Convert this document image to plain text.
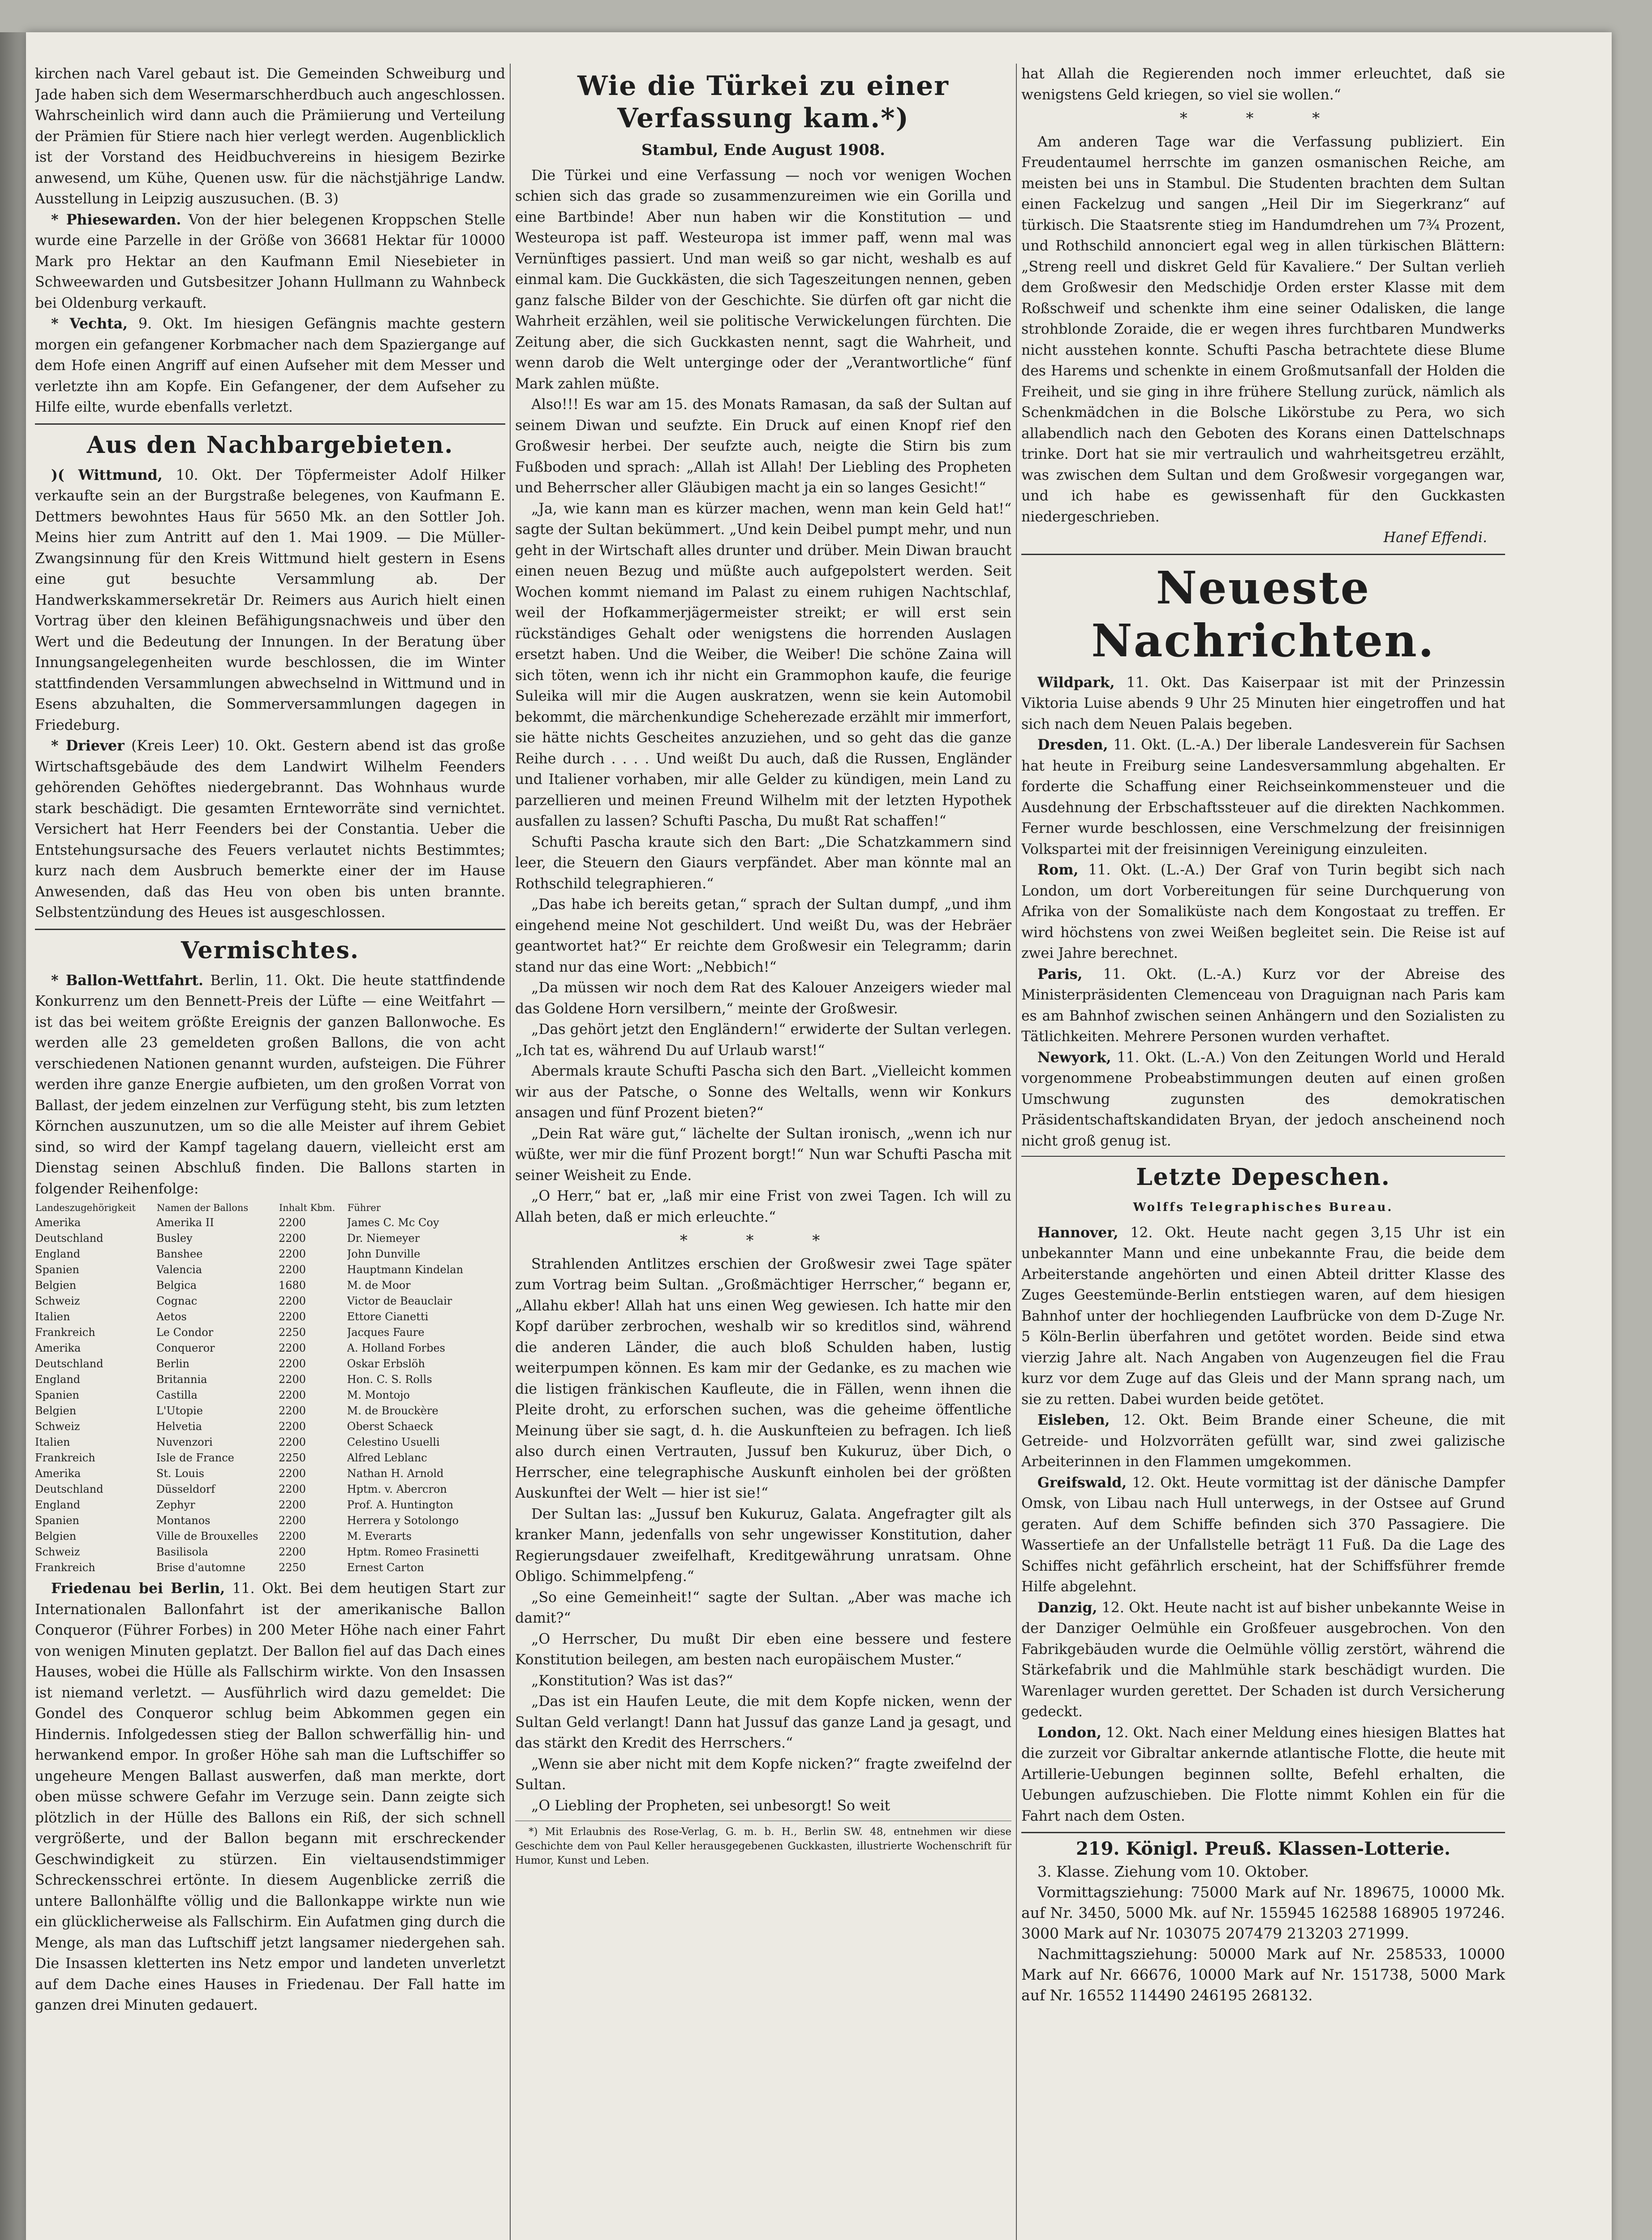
kirchen nach Varel gebaut ist. Die Gemeinden Schweiburg und Jade haben sich dem Wesermarschherdbuch auch angeschlossen. Wahrscheinlich wird dann auch die Prämiierung und Verteilung der Prämien für Stiere nach hier verlegt werden. Augenblicklich ist der Vorstand des Heidbuchvereins in hiesigem Bezirke anwesend, um Kühe, Quenen usw. für die nächstjährige Landw. Ausstellung in Leipzig auszusuchen. (B. 3)

* Phiesewarden. Von der hier belegenen Kroppschen Stelle wurde eine Parzelle in der Größe von 36681 Hektar für 10000 Mark pro Hektar an den Kaufmann Emil Niesebieter in Schweewarden und Gutsbesitzer Johann Hullmann zu Wahnbeck bei Oldenburg verkauft.

* Vechta, 9. Okt. Im hiesigen Gefängnis machte gestern morgen ein gefangener Korbmacher nach dem Spaziergange auf dem Hofe einen Angriff auf einen Aufseher mit dem Messer und verletzte ihn am Kopfe. Ein Gefangener, der dem Aufseher zu Hilfe eilte, wurde ebenfalls verletzt.

Aus den Nachbargebieten.

)( Wittmund, 10. Okt. Der Töpfermeister Adolf Hilker verkaufte sein an der Burgstraße belegenes, von Kaufmann E. Dettmers bewohntes Haus für 5650 Mk. an den Sottler Joh. Meins hier zum Antritt auf den 1. Mai 1909. — Die Müller-Zwangsinnung für den Kreis Wittmund hielt gestern in Esens eine gut besuchte Versammlung ab. Der Handwerkskammersekretär Dr. Reimers aus Aurich hielt einen Vortrag über den kleinen Befähigungsnachweis und über den Wert und die Bedeutung der Innungen. In der Beratung über Innungsangelegenheiten wurde beschlossen, die im Winter stattfindenden Versammlungen abwechselnd in Wittmund und in Esens abzuhalten, die Sommerversammlungen dagegen in Friedeburg.

* Driever (Kreis Leer) 10. Okt. Gestern abend ist das große Wirtschaftsgebäude des dem Landwirt Wilhelm Feenders gehörenden Gehöftes niedergebrannt. Das Wohnhaus wurde stark beschädigt. Die gesamten Ernteworräte sind vernichtet. Versichert hat Herr Feenders bei der Constantia. Ueber die Entstehungsursache des Feuers verlautet nichts Bestimmtes; kurz nach dem Ausbruch bemerkte einer der im Hause Anwesenden, daß das Heu von oben bis unten brannte. Selbstentzündung des Heues ist ausgeschlossen.

Vermischtes.

* Ballon-Wettfahrt. Berlin, 11. Okt. Die heute stattfindende Konkurrenz um den Bennett-Preis der Lüfte — eine Weitfahrt — ist das bei weitem größte Ereignis der ganzen Ballonwoche. Es werden alle 23 gemeldeten großen Ballons, die von acht verschiedenen Nationen genannt wurden, aufsteigen. Die Führer werden ihre ganze Energie aufbieten, um den großen Vorrat von Ballast, der jedem einzelnen zur Verfügung steht, bis zum letzten Körnchen auszunutzen, um so die alle Meister auf ihrem Gebiet sind, so wird der Kampf tagelang dauern, vielleicht erst am Dienstag seinen Abschluß finden. Die Ballons starten in folgender Reihenfolge:

Landeszugehörigkeit	Namen der Ballons	Inhalt Kbm.	Führer
Amerika	Amerika II	2200	James C. Mc Coy
Deutschland	Busley	2200	Dr. Niemeyer
England	Banshee	2200	John Dunville
Spanien	Valencia	2200	Hauptmann Kindelan
Belgien	Belgica	1680	M. de Moor
Schweiz	Cognac	2200	Victor de Beauclair
Italien	Aetos	2200	Ettore Cianetti
Frankreich	Le Condor	2250	Jacques Faure
Amerika	Conqueror	2200	A. Holland Forbes
Deutschland	Berlin	2200	Oskar Erbslöh
England	Britannia	2200	Hon. C. S. Rolls
Spanien	Castilla	2200	M. Montojo
Belgien	L'Utopie	2200	M. de Brouckère
Schweiz	Helvetia	2200	Oberst Schaeck
Italien	Nuvenzori	2200	Celestino Usuelli
Frankreich	Isle de France	2250	Alfred Leblanc
Amerika	St. Louis	2200	Nathan H. Arnold
Deutschland	Düsseldorf	2200	Hptm. v. Abercron
England	Zephyr	2200	Prof. A. Huntington
Spanien	Montanos	2200	Herrera y Sotolongo
Belgien	Ville de Brouxelles	2200	M. Everarts
Schweiz	Basilisola	2200	Hptm. Romeo Frasinetti
Frankreich	Brise d'automne	2250	Ernest Carton

Friedenau bei Berlin, 11. Okt. Bei dem heutigen Start zur Internationalen Ballonfahrt ist der amerikanische Ballon Conqueror (Führer Forbes) in 200 Meter Höhe nach einer Fahrt von wenigen Minuten geplatzt. Der Ballon fiel auf das Dach eines Hauses, wobei die Hülle als Fallschirm wirkte. Von den Insassen ist niemand verletzt. — Ausführlich wird dazu gemeldet: Die Gondel des Conqueror schlug beim Abkommen gegen ein Hindernis. Infolgedessen stieg der Ballon schwerfällig hin- und herwankend empor. In großer Höhe sah man die Luftschiffer so ungeheure Mengen Ballast auswerfen, daß man merkte, dort oben müsse schwere Gefahr im Verzuge sein. Dann zeigte sich plötzlich in der Hülle des Ballons ein Riß, der sich schnell vergrößerte, und der Ballon begann mit erschreckender Geschwindigkeit zu stürzen. Ein vieltausendstimmiger Schreckensschrei ertönte. In diesem Augenblicke zerriß die untere Ballonhälfte völlig und die Ballonkappe wirkte nun wie ein glücklicherweise als Fallschirm. Ein Aufatmen ging durch die Menge, als man das Luftschiff jetzt langsamer niedergehen sah. Die Insassen kletterten ins Netz empor und landeten unverletzt auf dem Dache eines Hauses in Friedenau. Der Fall hatte im ganzen drei Minuten gedauert.

Wie die Türkei zu einer Verfassung kam.*)
Stambul, Ende August 1908.

Die Türkei und eine Verfassung — noch vor wenigen Wochen schien sich das grade so zusammenzureimen wie ein Gorilla und eine Bartbinde! Aber nun haben wir die Konstitution — und Westeuropa ist paff. Westeuropa ist immer paff, wenn mal was Vernünftiges passiert. Und man weiß so gar nicht, weshalb es auf einmal kam. Die Guckkästen, die sich Tageszeitungen nennen, geben ganz falsche Bilder von der Geschichte. Sie dürfen oft gar nicht die Wahrheit erzählen, weil sie politische Verwickelungen fürchten. Die Zeitung aber, die sich Guckkasten nennt, sagt die Wahrheit, und wenn darob die Welt untergingе oder der „Verantwortliche“ fünf Mark zahlen müßte.

Also!!! Es war am 15. des Monats Ramasan, da saß der Sultan auf seinem Diwan und seufzte. Ein Druck auf einen Knopf rief den Großwesir herbei. Der seufzte auch, neigte die Stirn bis zum Fußboden und sprach: „Allah ist Allah! Der Liebling des Propheten und Beherrscher aller Gläubigen macht ja ein so langes Gesicht!“

„Ja, wie kann man es kürzer machen, wenn man kein Geld hat!“ sagte der Sultan bekümmert. „Und kein Deibel pumpt mehr, und nun geht in der Wirtschaft alles drunter und drüber. Mein Diwan braucht einen neuen Bezug und müßte auch aufgepolstert werden. Seit Wochen kommt niemand im Palast zu einem ruhigen Nachtschlaf, weil der Hofkammerjägermeister streikt; er will erst sein rückständiges Gehalt oder wenigstens die horrenden Auslagen ersetzt haben. Und die Weiber, die Weiber! Die schöne Zaina will sich töten, wenn ich ihr nicht ein Grammophon kaufe, die feurige Suleika will mir die Augen auskratzen, wenn sie kein Automobil bekommt, die märchenkundige Scheherezade erzählt mir immerfort, sie hätte nichts Gescheites anzuziehen, und so geht das die ganze Reihe durch . . . . Und weißt Du auch, daß die Russen, Engländer und Italiener vorhaben, mir alle Gelder zu kündigen, mein Land zu parzellieren und meinen Freund Wilhelm mit der letzten Hypothek ausfallen zu lassen? Schufti Pascha, Du mußt Rat schaffen!“

Schufti Pascha kraute sich den Bart: „Die Schatzkammern sind leer, die Steuern den Giaurs verpfändet. Aber man könnte mal an Rothschild telegraphieren.“

„Das habe ich bereits getan,“ sprach der Sultan dumpf, „und ihm eingehend meine Not geschildert. Und weißt Du, was der Hebräer geantwortet hat?“ Er reichte dem Großwesir ein Telegramm; darin stand nur das eine Wort: „Nebbich!“

„Da müssen wir noch dem Rat des Kalouer Anzeigers wieder mal das Goldene Horn versilbern,“ meinte der Großwesir.

„Das gehört jetzt den Engländern!“ erwiderte der Sultan verlegen. „Ich tat es, während Du auf Urlaub warst!“

Abermals kraute Schufti Pascha sich den Bart. „Vielleicht kommen wir aus der Patsche, o Sonne des Weltalls, wenn wir Konkurs ansagen und fünf Prozent bieten?“

„Dein Rat wäre gut,“ lächelte der Sultan ironisch, „wenn ich nur wüßte, wer mir die fünf Prozent borgt!“ Nun war Schufti Pascha mit seiner Weisheit zu Ende.

„O Herr,“ bat er, „laß mir eine Frist von zwei Tagen. Ich will zu Allah beten, daß er mich erleuchte.“

* * *

Strahlenden Antlitzes erschien der Großwesir zwei Tage später zum Vortrag beim Sultan. „Großmächtiger Herrscher,“ begann er, „Allahu ekber! Allah hat uns einen Weg gewiesen. Ich hatte mir den Kopf darüber zerbrochen, weshalb wir so kreditlos sind, während die anderen Länder, die auch bloß Schulden haben, lustig weiterpumpen können. Es kam mir der Gedanke, es zu machen wie die listigen fränkischen Kaufleute, die in Fällen, wenn ihnen die Pleite droht, zu erforschen suchen, was die geheime öffentliche Meinung über sie sagt, d. h. die Auskunfteien zu befragen. Ich ließ also durch einen Vertrauten, Jussuf ben Kukuruz, über Dich, o Herrscher, eine telegraphische Auskunft einholen bei der größten Auskunftei der Welt — hier ist sie!“

Der Sultan las: „Jussuf ben Kukuruz, Galata. Angefragter gilt als kranker Mann, jedenfalls von sehr ungewisser Konstitution, daher Regierungsdauer zweifelhaft, Kreditgewährung unratsam. Ohne Obligo. Schimmelpfeng.“

„So eine Gemeinheit!“ sagte der Sultan. „Aber was mache ich damit?“

„O Herrscher, Du mußt Dir eben eine bessere und festere Konstitution beilegen, am besten nach europäischem Muster.“

„Konstitution? Was ist das?“

„Das ist ein Haufen Leute, die mit dem Kopfe nicken, wenn der Sultan Geld verlangt! Dann hat Jussuf das ganze Land ja gesagt, und das stärkt den Kredit des Herrschers.“

„Wenn sie aber nicht mit dem Kopfe nicken?“ fragte zweifelnd der Sultan.

„O Liebling der Propheten, sei unbesorgt! So weit

*) Mit Erlaubnis des Rose-Verlag, G. m. b. H., Berlin SW. 48, entnehmen wir diese Geschichte dem von Paul Keller herausgegebenen Guckkasten, illustrierte Wochenschrift für Humor, Kunst und Leben.

hat Allah die Regierenden noch immer erleuchtet, daß sie wenigstens Geld kriegen, so viel sie wollen.“

* * *

Am anderen Tage war die Verfassung publiziert. Ein Freudentaumel herrschte im ganzen osmanischen Reiche, am meisten bei uns in Stambul. Die Studenten brachten dem Sultan einen Fackelzug und sangen „Heil Dir im Siegerkranz“ auf türkisch. Die Staatsrente stieg im Handumdrehen um 7¾ Prozent, und Rothschild annonciert egal weg in allen türkischen Blättern: „Streng reell und diskret Geld für Kavaliere.“ Der Sultan verlieh dem Großwesir den Medschidje Orden erster Klasse mit dem Roßschweif und schenkte ihm eine seiner Odalisken, die lange strohblonde Zoraide, die er wegen ihres furchtbaren Mundwerks nicht ausstehen konnte. Schufti Pascha betrachtete diese Blume des Harems und schenkte in einem Großmutsanfall der Holden die Freiheit, und sie ging in ihre frühere Stellung zurück, nämlich als Schenkmädchen in die Bolsche Likörstube zu Pera, wo sich allabendlich nach den Geboten des Korans einen Dattelschnaps trinke. Dort hat sie mir vertraulich und wahrheitsgetreu erzählt, was zwischen dem Sultan und dem Großwesir vorgegangen war, und ich habe es gewissenhaft für den Guckkasten niedergeschrieben.

Hanef Effendi.
Neueste Nachrichten.

Wildpark, 11. Okt. Das Kaiserpaar ist mit der Prinzessin Viktoria Luise abends 9 Uhr 25 Minuten hier eingetroffen und hat sich nach dem Neuen Palais begeben.

Dresden, 11. Okt. (L.-A.) Der liberale Landesverein für Sachsen hat heute in Freiburg seine Landesversammlung abgehalten. Er forderte die Schaffung einer Reichseinkommensteuer und die Ausdehnung der Erbschaftssteuer auf die direkten Nachkommen. Ferner wurde beschlossen, eine Verschmelzung der freisinnigen Volkspartei mit der freisinnigen Vereinigung einzuleiten.

Rom, 11. Okt. (L.-A.) Der Graf von Turin begibt sich nach London, um dort Vorbereitungen für seine Durchquerung von Afrika von der Somaliküste nach dem Kongostaat zu treffen. Er wird höchstens von zwei Weißen begleitet sein. Die Reise ist auf zwei Jahre berechnet.

Paris, 11. Okt. (L.-A.) Kurz vor der Abreise des Ministerpräsidenten Clemenceau von Draguignan nach Paris kam es am Bahnhof zwischen seinen Anhängern und den Sozialisten zu Tätlichkeiten. Mehrere Personen wurden verhaftet.

Newyork, 11. Okt. (L.-A.) Von den Zeitungen World und Herald vorgenommene Probeabstimmungen deuten auf einen großen Umschwung zugunsten des demokratischen Präsidentschaftskandidaten Bryan, der jedoch anscheinend noch nicht groß genug ist.

Letzte Depeschen.
Wolffs Telegraphisches Bureau.

Hannover, 12. Okt. Heute nacht gegen 3,15 Uhr ist ein unbekannter Mann und eine unbekannte Frau, die beide dem Arbeiterstande angehörten und einen Abteil dritter Klasse des Zuges Geestemünde-Berlin entstiegen waren, auf dem hiesigen Bahnhof unter der hochliegenden Laufbrücke von dem D-Zuge Nr. 5 Köln-Berlin überfahren und getötet worden. Beide sind etwa vierzig Jahre alt. Nach Angaben von Augenzeugen fiel die Frau kurz vor dem Zuge auf das Gleis und der Mann sprang nach, um sie zu retten. Dabei wurden beide getötet.

Eisleben, 12. Okt. Beim Brande einer Scheune, die mit Getreide- und Holzvorräten gefüllt war, sind zwei galizische Arbeiterinnen in den Flammen umgekommen.

Greifswald, 12. Okt. Heute vormittag ist der dänische Dampfer Omsk, von Libau nach Hull unterwegs, in der Ostsee auf Grund geraten. Auf dem Schiffe befinden sich 370 Passagiere. Die Wassertiefe an der Unfallstelle beträgt 11 Fuß. Da die Lage des Schiffes nicht gefährlich erscheint, hat der Schiffsführer fremde Hilfe abgelehnt.

Danzig, 12. Okt. Heute nacht ist auf bisher unbekannte Weise in der Danziger Oelmühle ein Großfeuer ausgebrochen. Von den Fabrikgebäuden wurde die Oelmühle völlig zerstört, während die Stärkefabrik und die Mahlmühle stark beschädigt wurden. Die Warenlager wurden gerettet. Der Schaden ist durch Versicherung gedeckt.

London, 12. Okt. Nach einer Meldung eines hiesigen Blattes hat die zurzeit vor Gibraltar ankernde atlantische Flotte, die heute mit Artillerie-Uebungen beginnen sollte, Befehl erhalten, die Uebungen aufzuschieben. Die Flotte nimmt Kohlen ein für die Fahrt nach dem Osten.

219. Königl. Preuß. Klassen-Lotterie.

3. Klasse. Ziehung vom 10. Oktober.

Vormittagsziehung: 75000 Mark auf Nr. 189675, 10000 Mk. auf Nr. 3450, 5000 Mk. auf Nr. 155945 162588 168905 197246. 3000 Mark auf Nr. 103075 207479 213203 271999.

Nachmittagsziehung: 50000 Mark auf Nr. 258533, 10000 Mark auf Nr. 66676, 10000 Mark auf Nr. 151738, 5000 Mark auf Nr. 16552 114490 246195 268132.
